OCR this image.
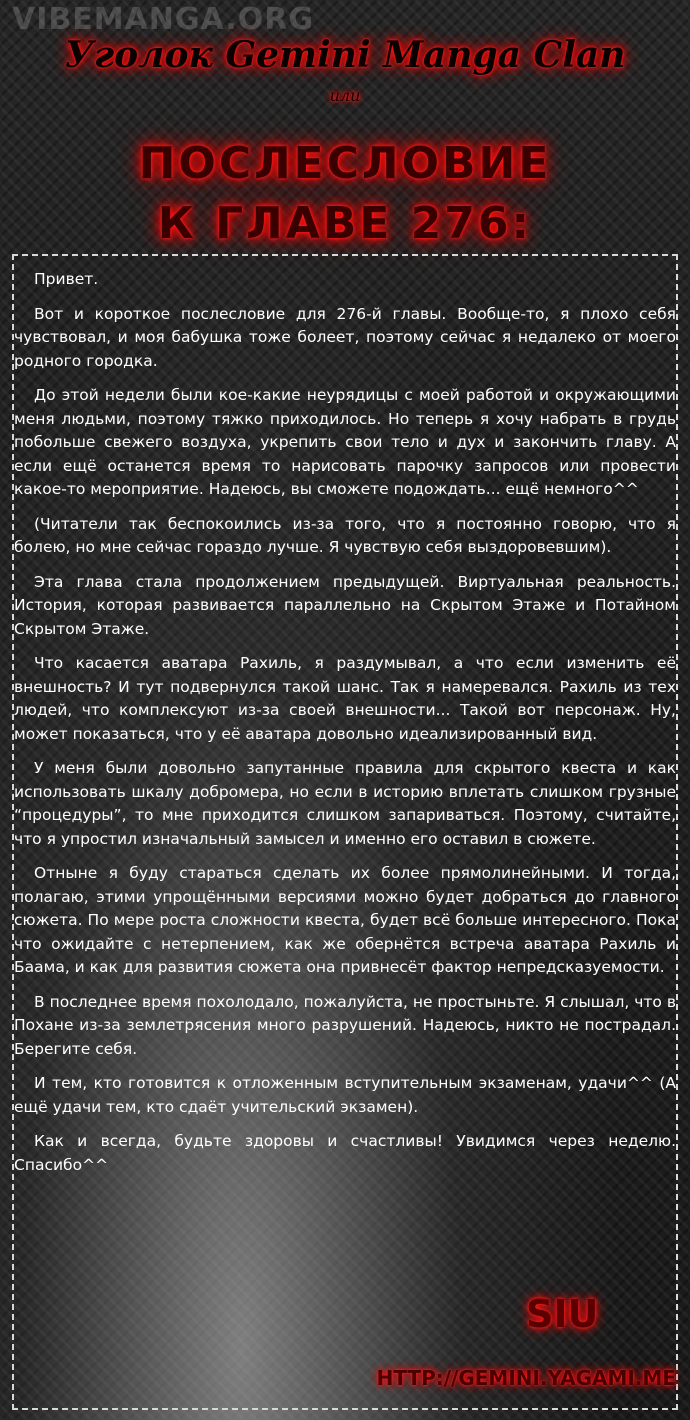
VIBEMANGA.ORG
Уголок Gemini Manga Clan
или
ПОСЛЕСЛОВИЕ
К ГЛАВЕ 276:

Привет.

Вот и короткое послесловие для 276-й главы. Вообще-то, я плохо себя чувствовал, и моя бабушка тоже болеет, поэтому сейчас я недалеко от моего родного городка.

До этой недели были кое-какие неурядицы с моей работой и окружающими меня людьми, поэтому тяжко приходилось. Но теперь я хочу набрать в грудь побольше свежего воздуха, укрепить свои тело и дух и закончить главу. А если ещё останется время то нарисовать парочку запросов или провести какое-то мероприятие. Надеюсь, вы сможете подождать... ещё немного^^

(Читатели так беспокоились из-за того, что я постоянно говорю, что я болею, но мне сейчас гораздо лучше. Я чувствую себя выздоровевшим).

Эта глава стала продолжением предыдущей. Виртуальная реальность. История, которая развивается параллельно на Скрытом Этаже и Потайном Скрытом Этаже.

Что касается аватара Рахиль, я раздумывал, а что если изменить её внешность? И тут подвернулся такой шанс. Так я намеревался. Рахиль из тех людей, что комплексуют из-за своей внешности... Такой вот персонаж. Ну, может показаться, что у её аватара довольно идеализированный вид.

У меня были довольно запутанные правила для скрытого квеста и как использовать шкалу добромера, но если в историю вплетать слишком грузные “процедуры”, то мне приходится слишком запариваться. Поэтому, считайте, что я упростил изначальный замысел и именно его оставил в сюжете.

Отныне я буду стараться сделать их более прямолинейными. И тогда, полагаю, этими упрощёнными версиями можно будет добраться до главного сюжета. По мере роста сложности квеста, будет всё больше интересного. Пока что ожидайте с нетерпением, как же обернётся встреча аватара Рахиль и Баама, и как для развития сюжета она привнесёт фактор непредсказуемости.

В последнее время похолодало, пожалуйста, не простыньте. Я слышал, что в Похане из-за землетрясения много разрушений. Надеюсь, никто не пострадал. Берегите себя.

И тем, кто готовится к отложенным вступительным экзаменам, удачи^^ (А ещё удачи тем, кто сдаёт учительский экзамен).

Как и всегда, будьте здоровы и счастливы! Увидимся через неделю. Спасибо^^

SIU
HTTP://GEMINI.YAGAMI.ME
